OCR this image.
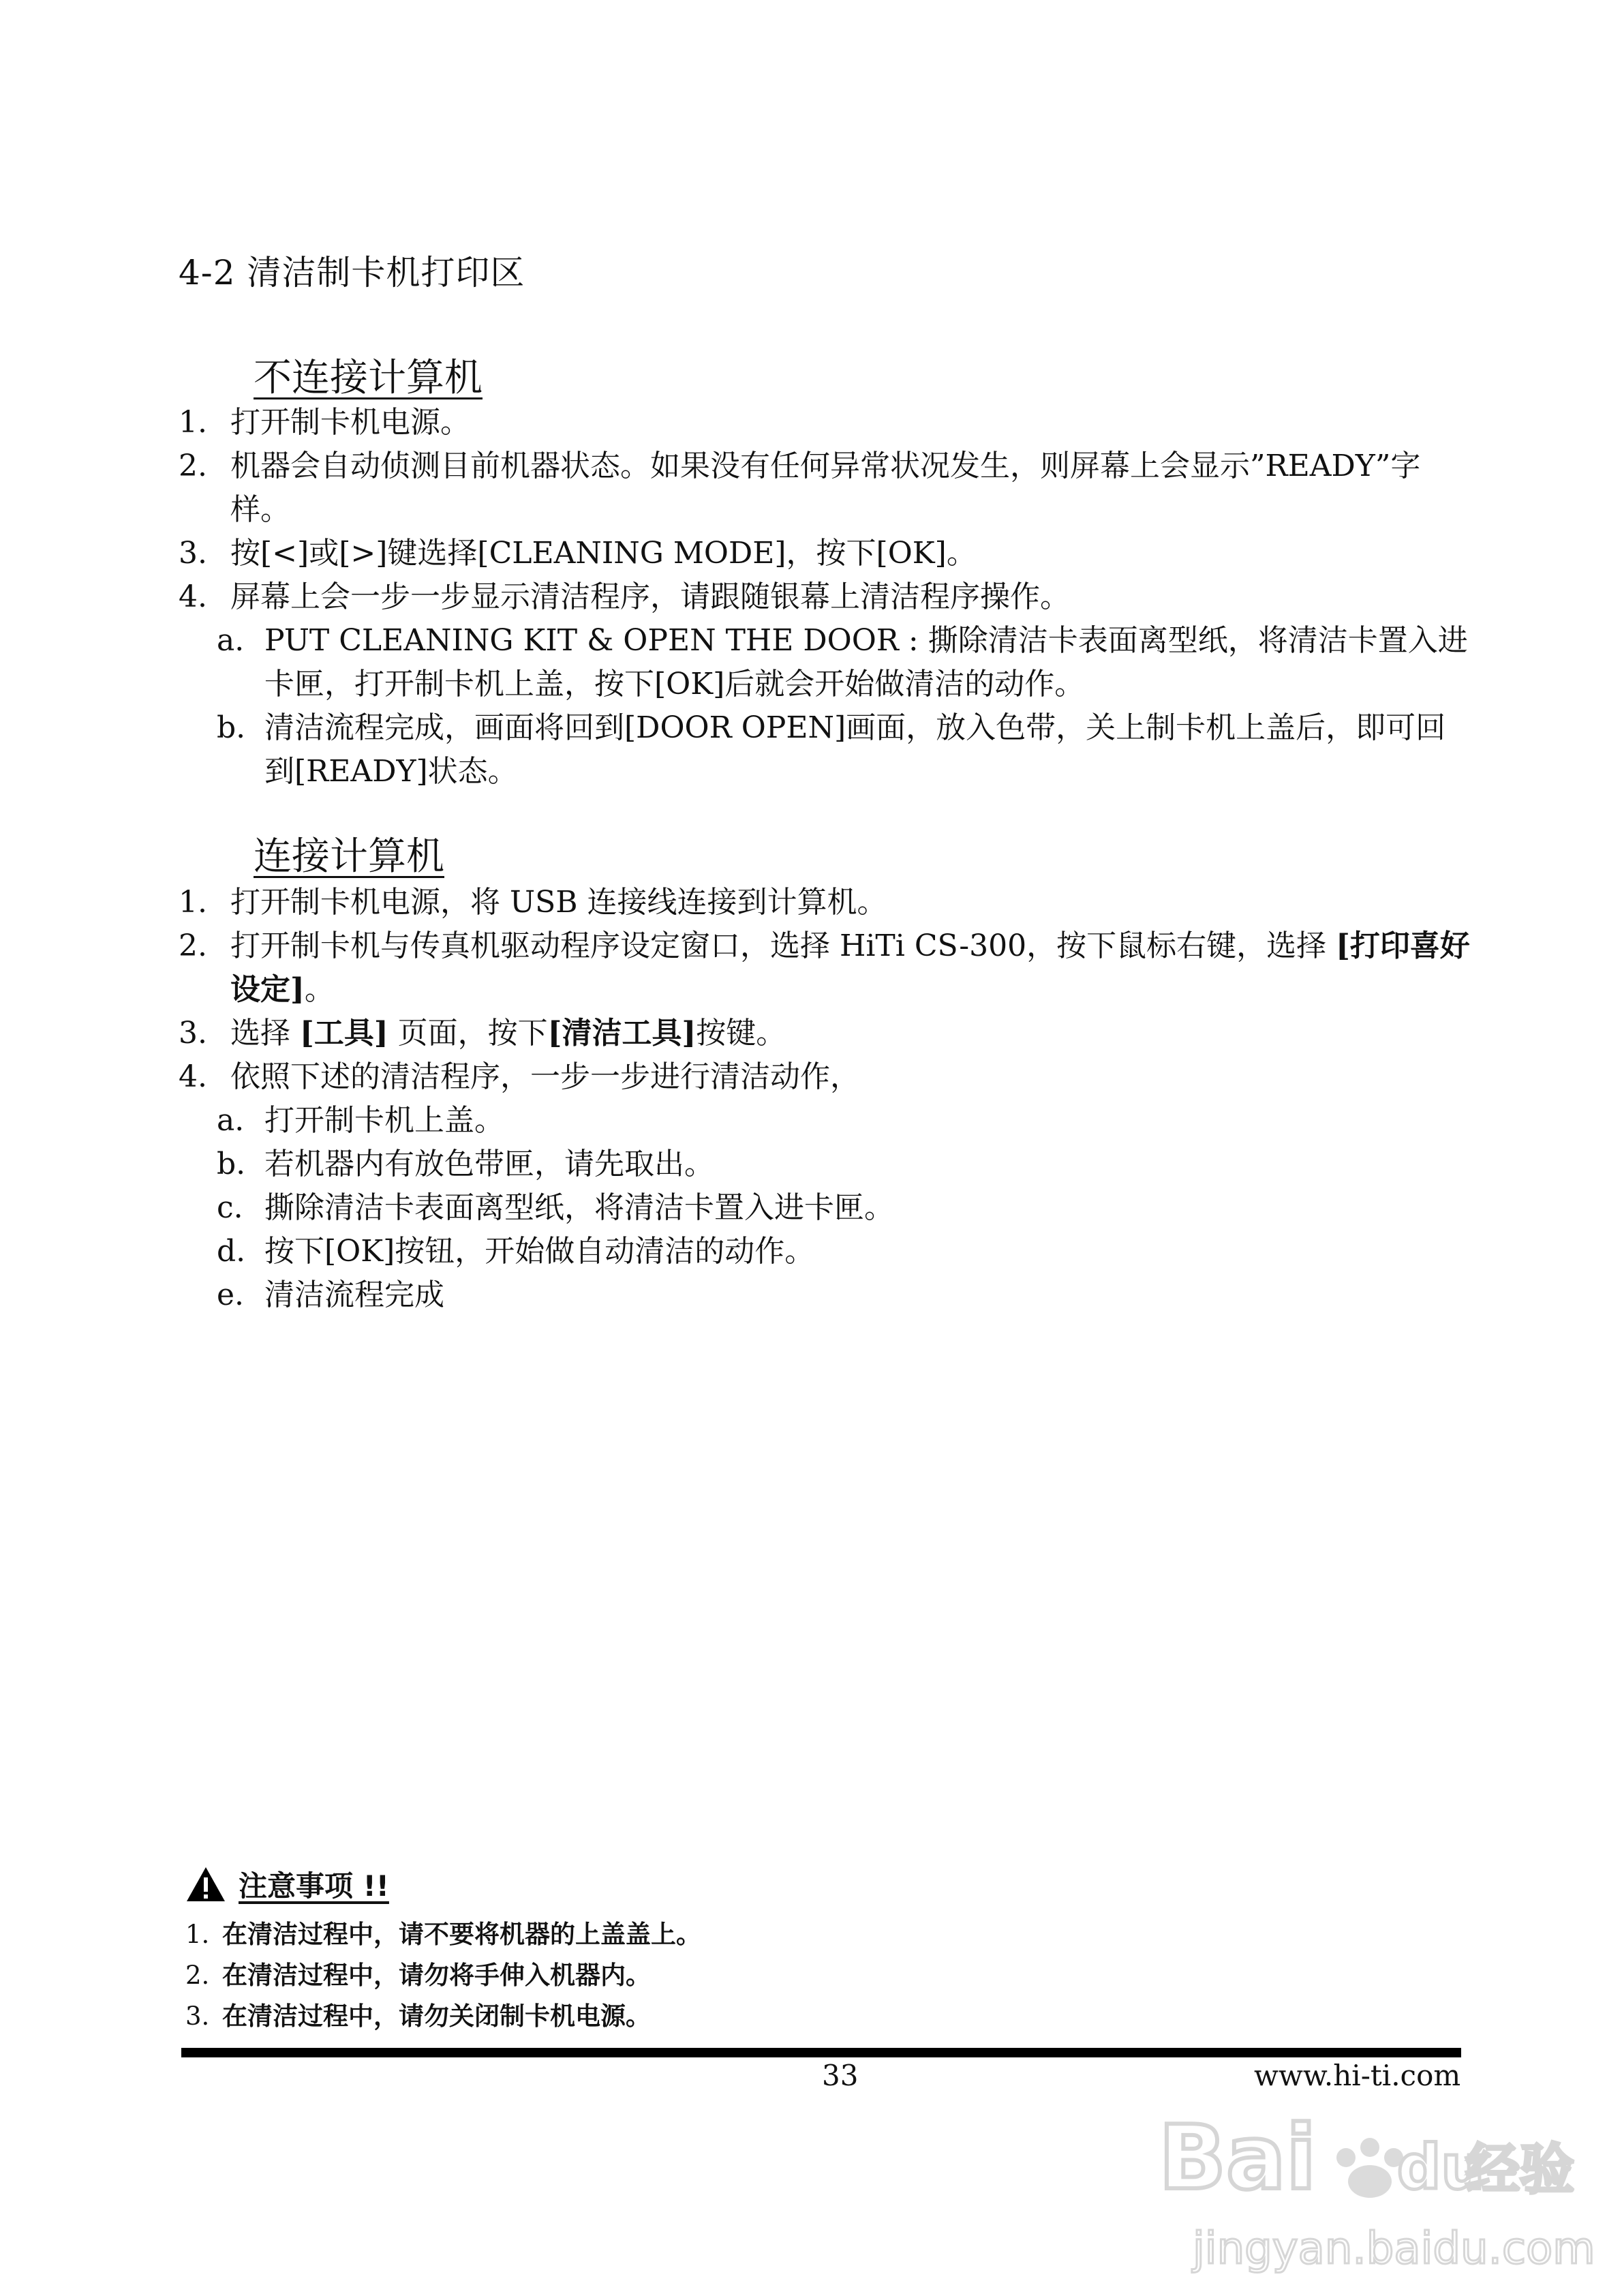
4-2 清洁制卡机打印区
不连接计算机
1. 打开制卡机电源。
2. 机器会自动侦测目前机器状态。如果没有任何异常状况发生，则屏幕上会显示”READY”字样。
3. 按[<]或[>]键选择[CLEANING MODE]，按下[OK]。
4. 屏幕上会一步一步显示清洁程序，请跟随银幕上清洁程序操作。
a. PUT CLEANING KIT & OPEN THE DOOR : 撕除清洁卡表面离型纸，将清洁卡置入进卡匣，打开制卡机上盖，按下[OK]后就会开始做清洁的动作。
b. 清洁流程完成，画面将回到[DOOR OPEN]画面，放入色带，关上制卡机上盖后，即可回到[READY]状态。
连接计算机
1. 打开制卡机电源，将 USB 连接线连接到计算机。
2. 打开制卡机与传真机驱动程序设定窗口，选择 HiTi CS-300，按下鼠标右键，选择 [打印喜好设定]。
3. 选择 [工具] 页面，按下[清洁工具]按键。
4. 依照下述的清洁程序，一步一步进行清洁动作，
a. 打开制卡机上盖。
b. 若机器内有放色带匣，请先取出。
c. 撕除清洁卡表面离型纸，将清洁卡置入进卡匣。
d. 按下[OK]按钮，开始做自动清洁的动作。
e. 清洁流程完成
注意事项 !!
1. 在清洁过程中，请不要将机器的上盖盖上。
2. 在清洁过程中，请勿将手伸入机器内。
3. 在清洁过程中，请勿关闭制卡机电源。
33	www.hi-ti.com
Bai du
经验
jingyan.baidu.com
